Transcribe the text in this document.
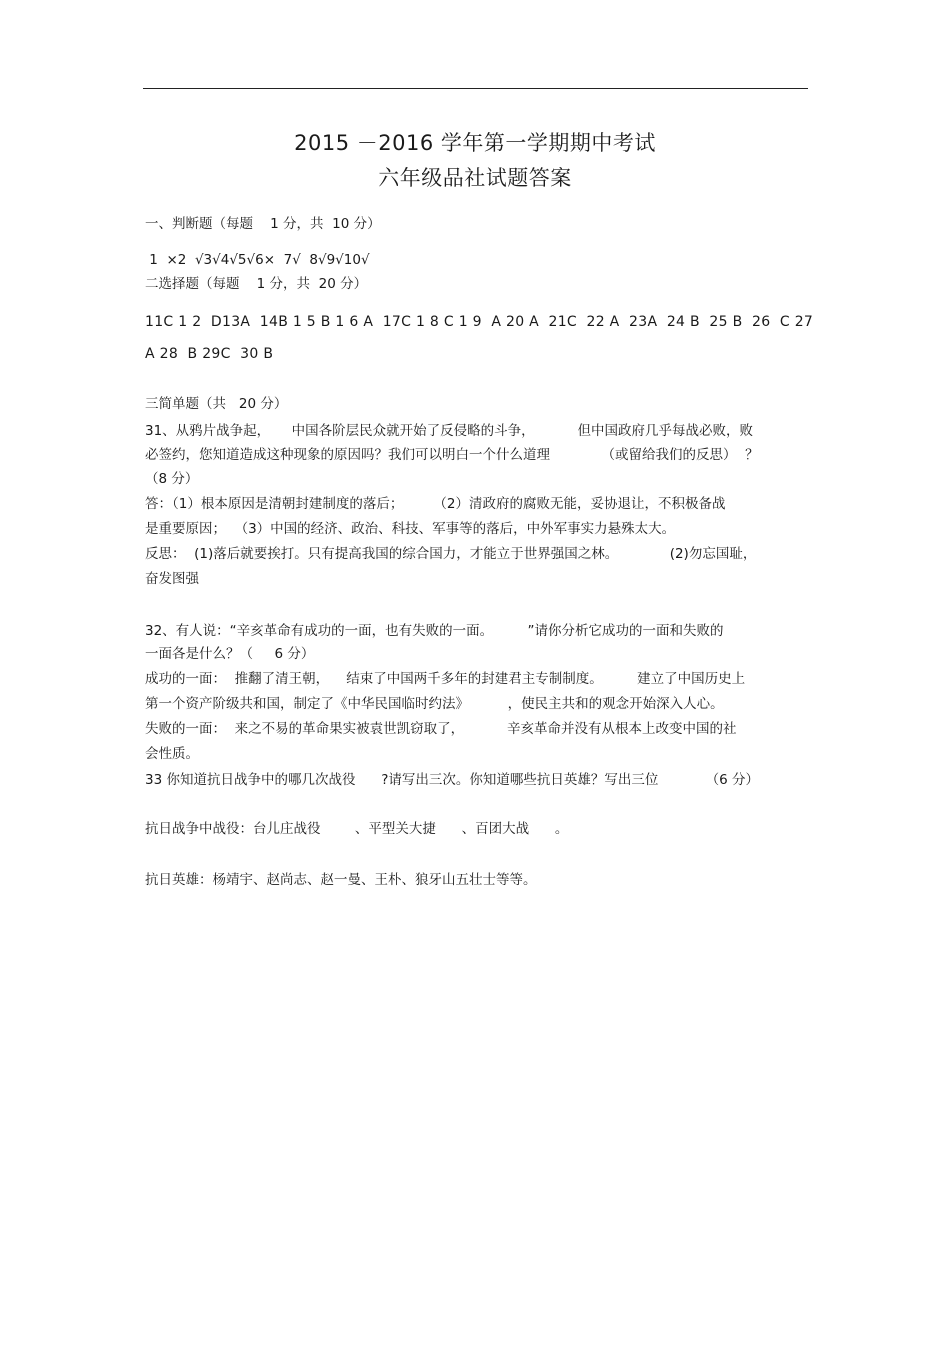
2015 －2016 学年第一学期期中考试
六年级品社试题答案
一、判断题（每题    1 分，共  10 分）
1  ×2  √3√4√5√6×  7√  8√9√10√
二选择题（每题    1 分，共  20 分）
11C 1 2  D13A  14B 1 5 B 1 6 A  17C 1 8 C 1 9  A 20 A  21C  22 A  23A  24 B  25 B  26  C 27
A 28  B 29C  30 B
三简单题（共   20 分）
31、从鸦片战争起，     中国各阶层民众就开始了反侵略的斗争，          但中国政府几乎每战必败，败
必签约，您知道造成这种现象的原因吗？我们可以明白一个什么道理            （或留给我们的反思）  ？
（8 分）
答：（1）根本原因是清朝封建制度的落后；       （2）清政府的腐败无能，妥协退让，不积极备战
是重要原因；  （3）中国的经济、政治、科技、军事等的落后，中外军事实力悬殊太大。
反思：  (1)落后就要挨打。只有提高我国的综合国力，才能立于世界强国之林。            (2)勿忘国耻，
奋发图强
32、有人说：“辛亥革命有成功的一面，也有失败的一面。        ”请你分析它成功的一面和失败的
一面各是什么？（     6 分）
成功的一面：  推翻了清王朝，    结束了中国两千多年的封建君主专制制度。        建立了中国历史上
第一个资产阶级共和国，制定了《中华民国临时约法》         ，使民主共和的观念开始深入人心。
失败的一面：  来之不易的革命果实被袁世凯窃取了，          辛亥革命并没有从根本上改变中国的社
会性质。
33 你知道抗日战争中的哪几次战役      ?请写出三次。你知道哪些抗日英雄？写出三位           （6 分）
抗日战争中战役：台儿庄战役        、平型关大捷      、百团大战      。
抗日英雄：杨靖宇、赵尚志、赵一曼、王朴、狼牙山五壮士等等。
